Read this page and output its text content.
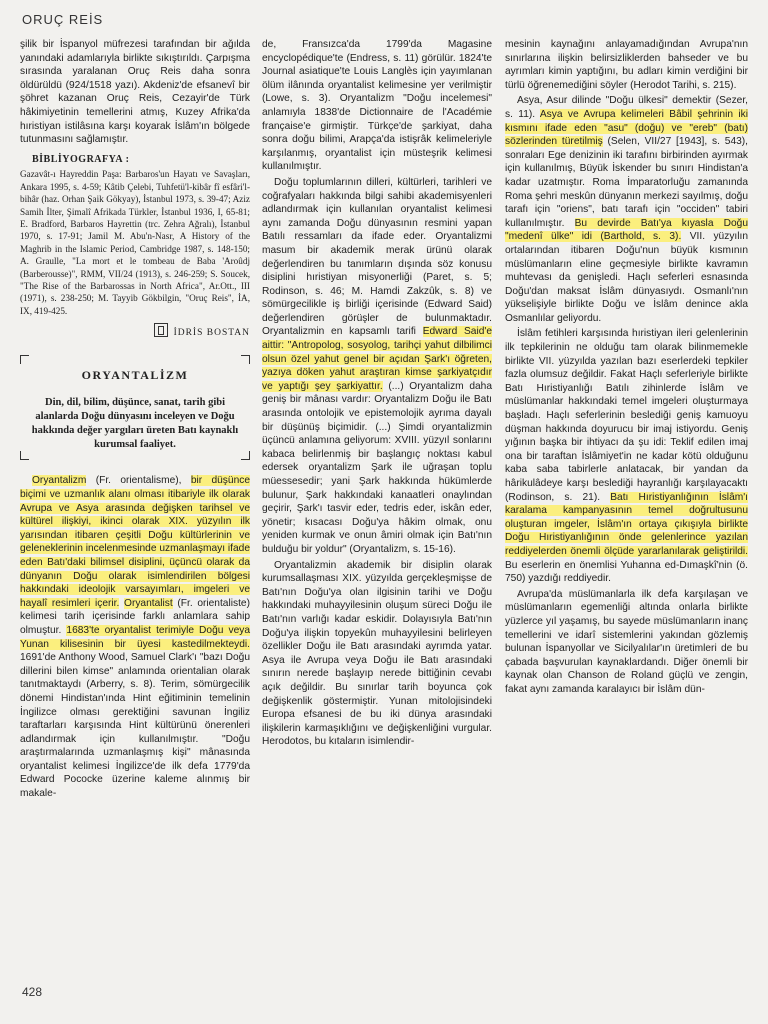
ORUÇ REİS

şilik bir İspanyol müfrezesi tarafından bir ağılda yanındaki adamlarıyla birlikte sıkıştırıldı. Çarpışma sırasında yaralanan Oruç Reis daha sonra öldürüldü (924/1518 yazı). Akdeniz'de efsanevî bir şöhret kazanan Oruç Reis, Cezayir'de Türk hâkimiyetinin temellerini atmış, Kuzey Afrika'da hıristiyan istilâsına karşı koyarak İslâm'ın bölgede tutunmasını sağlamıştır.

BİBLİYOGRAFYA :
Gazavât-ı Hayreddin Paşa: Barbaros'un Hayatı ve Savaşları, Ankara 1995, s. 4-59; Kâtib Çelebi, Tuhfetü'l-kibâr fî esfâri'l-bihâr (haz. Orhan Şaik Gökyay), İstanbul 1973, s. 39-47; Aziz Samih İlter, Şimalî Afrikada Türkler, İstanbul 1936, I, 65-81; E. Bradford, Barbaros Hayrettin (trc. Zehra Ağralı), İstanbul 1970, s. 17-91; Jamil M. Abu'n-Nasr, A History of the Maghrib in the Islamic Period, Cambridge 1987, s. 148-150; A. Graulle, "La mort et le tombeau de Baba 'Aroûdj (Barberousse)", RMM, VII/24 (1913), s. 246-259; S. Soucek, "The Rise of the Barbarossas in North Africa", Ar.Ott., III (1971), s. 238-250; M. Tayyib Gökbilgin, "Oruç Reis", İA, IX, 419-425.
İDRİS BOSTAN
ORYANTALİZM
Din, dil, bilim, düşünce, sanat, tarih gibi alanlarda Doğu dünyasını inceleyen ve Doğu hakkında değer yargıları üreten Batı kaynaklı kurumsal faaliyet.

Oryantalizm (Fr. orientalisme), bir düşünce biçimi ve uzmanlık alanı olması itibariyle ilk olarak Avrupa ve Asya arasında değişken tarihsel ve kültürel ilişkiyi, ikinci olarak XIX. yüzyılın ilk yarısından itibaren çeşitli Doğu kültürlerinin ve geleneklerinin incelenmesinde uzmanlaşmayı ifade eden Batı'daki bilimsel disiplini, üçüncü olarak da dünyanın Doğu olarak isimlendirilen bölgesi hakkındaki ideolojik varsayımları, imgeleri ve hayalî resimleri içerir. Oryantalist (Fr. orientaliste) kelimesi tarih içerisinde farklı anlamlara sahip olmuştur. 1683'te oryantalist terimiyle Doğu veya Yunan kilisesinin bir üyesi kastedilmekteydi. 1691'de Anthony Wood, Samuel Clark'ı "bazı Doğu dillerini bilen kimse" anlamında orientalian olarak tanıtmaktaydı (Arberry, s. 8). Terim, sömürgecilik dönemi Hindistan'ında Hint eğitiminin temelinin İngilizce olması gerektiğini savunan İngiliz taraftarları karşısında Hint kültürünü önerenleri adlandırmak için kullanılmıştır. "Doğu araştırmalarında uzmanlaşmış kişi" mânasında oryantalist kelimesi İngilizce'de ilk defa 1779'da Edward Pococke üzerine kaleme alınmış bir makale-

de, Fransızca'da 1799'da Magasine encyclopédique'te (Endress, s. 11) görülür. 1824'te Journal asiatique'te Louis Langlès için yayımlanan ölüm ilânında oryantalist kelimesine yer verilmiştir (Lowe, s. 3). Oryantalizm "Doğu incelemesi" anlamıyla 1838'de Dictionnaire de l'Académie française'e girmiştir. Türkçe'de şarkiyat, daha sonra doğu bilimi, Arapça'da istişrâk kelimeleriyle karşılanmış, oryantalist için müsteşrik kelimesi kullanılmıştır.

Doğu toplumlarının dilleri, kültürleri, tarihleri ve coğrafyaları hakkında bilgi sahibi akademisyenleri adlandırmak için kullanılan oryantalist kelimesi aynı zamanda Doğu dünyasının resmini yapan Batılı ressamları da ifade eder. Oryantalizmi masum bir akademik merak ürünü olarak değerlendiren bu tanımların dışında söz konusu disiplini hıristiyan misyonerliği (Paret, s. 5; Rodinson, s. 46; M. Hamdi Zakzûk, s. 8) ve sömürgecilikle iş birliği içerisinde (Edward Said) değerlendiren görüşler de bulunmaktadır. Oryantalizmin en kapsamlı tarifi Edward Said'e aittir: "Antropolog, sosyolog, tarihçi yahut dilbilimci olsun özel yahut genel bir açıdan Şark'ı öğreten, yazıya döken yahut araştıran kimse şarkiyatçıdır ve yaptığı şey şarkiyattır. (...) Oryantalizm daha geniş bir mânası vardır: Oryantalizm Doğu ile Batı arasında ontolojik ve epistemolojik ayrıma dayalı bir düşünüş biçimidir. (...) Şimdi oryantalizmin üçüncü anlamına geliyorum: XVIII. yüzyıl sonlarını kabaca belirlenmiş bir başlangıç noktası kabul edersek oryantalizm Şark ile uğraşan toplu müessesedir; yani Şark hakkında hükümlerde bulunur, Şark hakkındaki kanaatleri onaylından geçirir, Şark'ı tasvir eder, tedris eder, iskân eder, yönetir; kısacası Doğu'ya hâkim olmak, onu yeniden kurmak ve onun âmiri olmak için Batı'nın bulduğu bir yoldur" (Oryantalizm, s. 15-16).

Oryantalizmin akademik bir disiplin olarak kurumsallaşması XIX. yüzyılda gerçekleşmişse de Batı'nın Doğu'ya olan ilgisinin tarihi ve Doğu hakkındaki muhayyilesinin oluşum süreci Doğu ile Batı'nın varlığı kadar eskidir. Dolayısıyla Batı'nın Doğu'ya ilişkin topyekûn muhayyilesini belirleyen özellikler Doğu ile Batı arasındaki ayrımda yatar. Asya ile Avrupa veya Doğu ile Batı arasındaki sınırın nerede başlayıp nerede bittiğinin cevabı açık değildir. Bu sınırlar tarih boyunca çok değişkenlik göstermiştir. Yunan mitolojisindeki Europa efsanesi de bu iki dünya arasındaki ilişkilerin karmaşıklığını ve değişkenliğini vurgular. Herodotos, bu kıtaların isimlendir-

mesinin kaynağını anlayamadığından Avrupa'nın sınırlarına ilişkin belirsizliklerden bahseder ve bu ayrımları kimin yaptığını, bu adları kimin verdiğini bir türlü öğrenemediğini söyler (Herodot Tarihi, s. 215).

Asya, Asur dilinde "Doğu ülkesi" demektir (Sezer, s. 11). Asya ve Avrupa kelimeleri Bâbil şehrinin iki kısmını ifade eden "asu" (doğu) ve "ereb" (batı) sözlerinden türetilmiş (Selen, VII/27 [1943], s. 543), sonraları Ege denizinin iki tarafını birbirinden ayırmak için kullanılmış, Büyük İskender bu sınırı Hindistan'a kadar uzatmıştır. Roma İmparatorluğu zamanında Roma şehri meskûn dünyanın merkezi sayılmış, doğu tarafı için "oriens", batı tarafı için "occiden" tabiri kullanılmıştır. Bu devirde Batı'ya kıyasla Doğu "medenî ülke" idi (Barthold, s. 3). VII. yüzyılın ortalarından itibaren Doğu'nun büyük kısmının müslümanların eline geçmesiyle birlikte kavramın muhtevası da genişledi. Haçlı seferleri esnasında Doğu'dan maksat İslâm dünyasıydı. Osmanlı'nın yükselişiyle birlikte Doğu ve İslâm denince akla Osmanlılar geliyordu.

İslâm fetihleri karşısında hıristiyan ileri gelenlerinin ilk tepkilerinin ne olduğu tam olarak bilinmemekle birlikte VII. yüzyılda yazılan bazı eserlerdeki tepkiler fazla olumsuz değildir. Fakat Haçlı seferleriyle birlikte Batı Hıristiyanlığı Batılı zihinlerde İslâm ve müslümanlar hakkındaki temel imgeleri oluşturmaya başladı. Haçlı seferlerinin beslediği geniş kamuoyu düşman hakkında doyurucu bir imaj istiyordu. Geniş yığının başka bir ihtiyacı da şu idi: Teklif edilen imaj ona bir taraftan İslâmiyet'in ne kadar kötü olduğunu kaba saba tabirlerle anlatacak, bir yandan da hârikulâdeye karşı beslediği hayranlığı karşılayacaktı (Rodinson, s. 21). Batı Hıristiyanlığının İslâm'ı karalama kampanyasının temel doğrultusunu oluşturan imgeler, İslâm'ın ortaya çıkışıyla birlikte Doğu Hıristiyanlığının önde gelenlerince yazılan reddiyelerden önemli ölçüde yararlanılarak geliştirildi. Bu eserlerin en önemlisi Yuhanna ed-Dımaşkî'nin (ö. 750) yazdığı reddiyedir.

Avrupa'da müslümanlarla ilk defa karşılaşan ve müslümanların egemenliği altında onlarla birlikte yüzlerce yıl yaşamış, bu sayede müslümanların inanç temellerini ve idarî sistemlerini yakından gözlemiş bulunan İspanyollar ve Sicilyalılar'ın üretimleri de bu çabada başvurulan kaynaklardandı. Diğer önemli bir kaynak olan Chanson de Roland güçlü ve zengin, fakat aynı zamanda karalayıcı bir İslâm dün-

428
